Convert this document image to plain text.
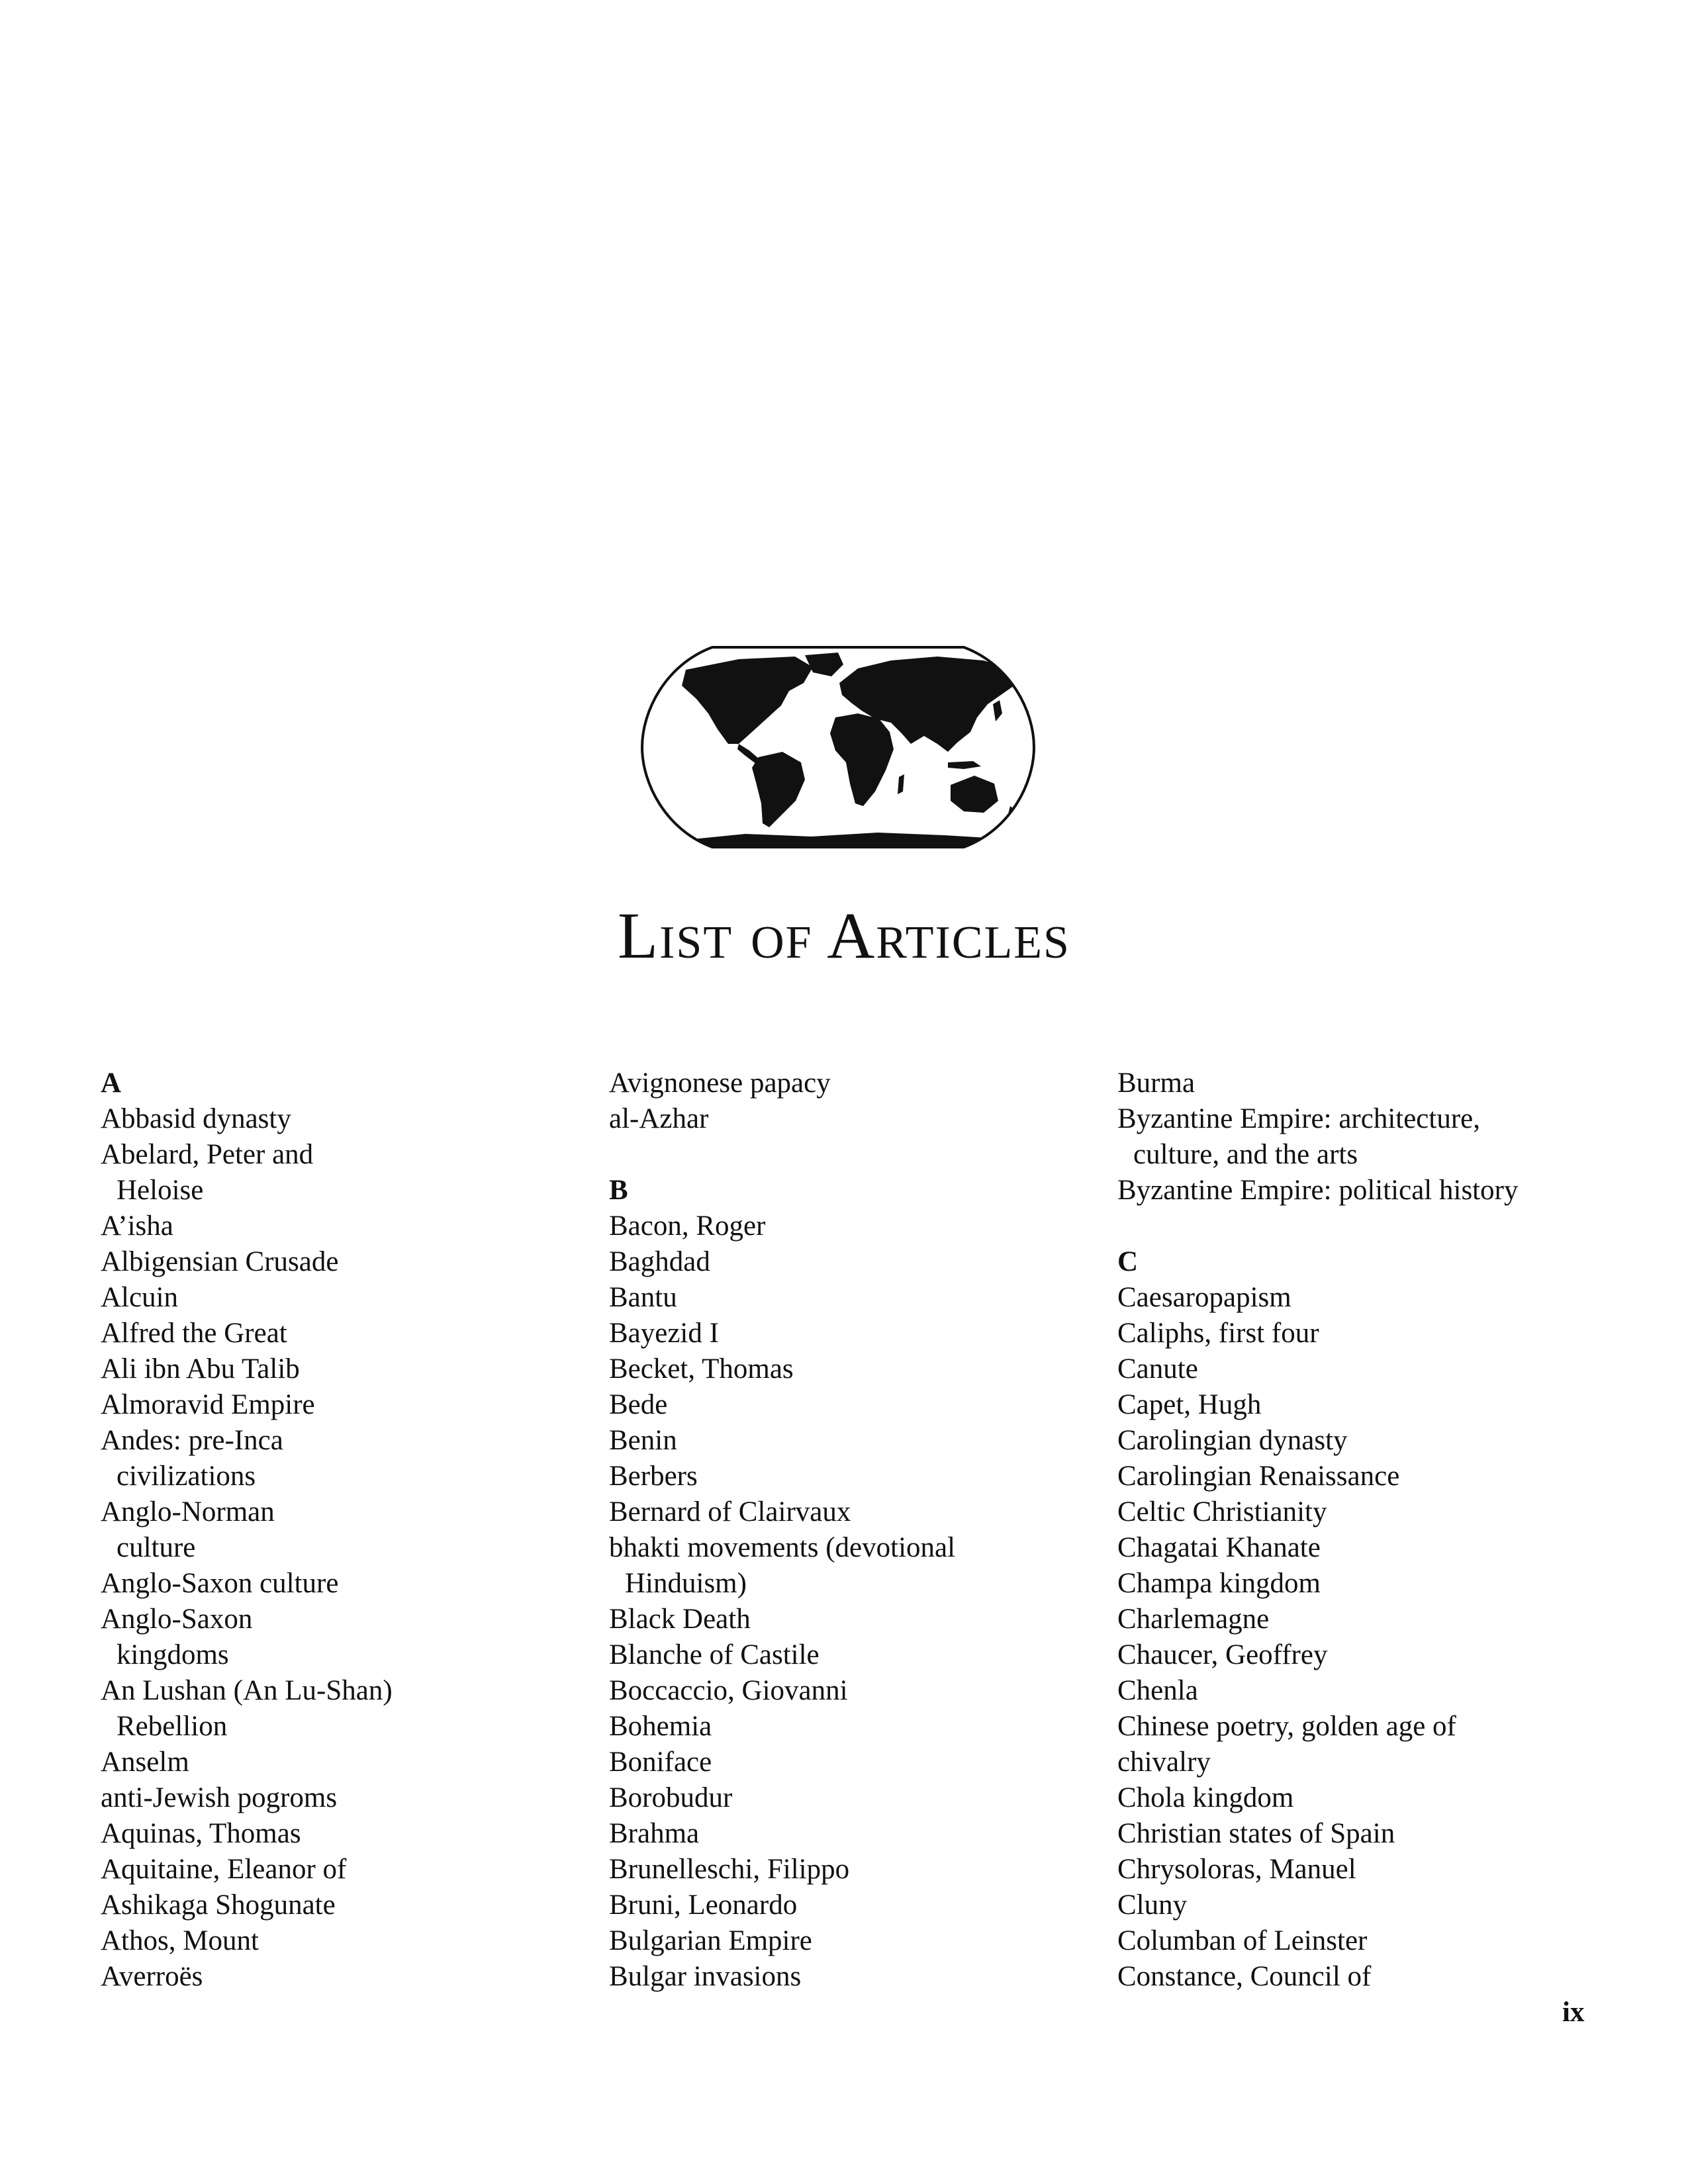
List of Articles
A
Abbasid dynasty
Abelard, Peter and
Heloise
A’isha
Albigensian Crusade
Alcuin
Alfred the Great
Ali ibn Abu Talib
Almoravid Empire
Andes: pre-Inca
civilizations
Anglo-Norman
culture
Anglo-Saxon culture
Anglo-Saxon
kingdoms
An Lushan (An Lu-Shan)
Rebellion
Anselm
anti-Jewish pogroms
Aquinas, Thomas
Aquitaine, Eleanor of
Ashikaga Shogunate
Athos, Mount
Averroës
Avignonese papacy
al-Azhar
B
Bacon, Roger
Baghdad
Bantu
Bayezid I
Becket, Thomas
Bede
Benin
Berbers
Bernard of Clairvaux
bhakti movements (devotional
Hinduism)
Black Death
Blanche of Castile
Boccaccio, Giovanni
Bohemia
Boniface
Borobudur
Brahma
Brunelleschi, Filippo
Bruni, Leonardo
Bulgarian Empire
Bulgar invasions
Burma
Byzantine Empire: architecture,
culture, and the arts
Byzantine Empire: political history
C
Caesaropapism
Caliphs, first four
Canute
Capet, Hugh
Carolingian dynasty
Carolingian Renaissance
Celtic Christianity
Chagatai Khanate
Champa kingdom
Charlemagne
Chaucer, Geoffrey
Chenla
Chinese poetry, golden age of
chivalry
Chola kingdom
Christian states of Spain
Chrysoloras, Manuel
Cluny
Columban of Leinster
Constance, Council of
ix
